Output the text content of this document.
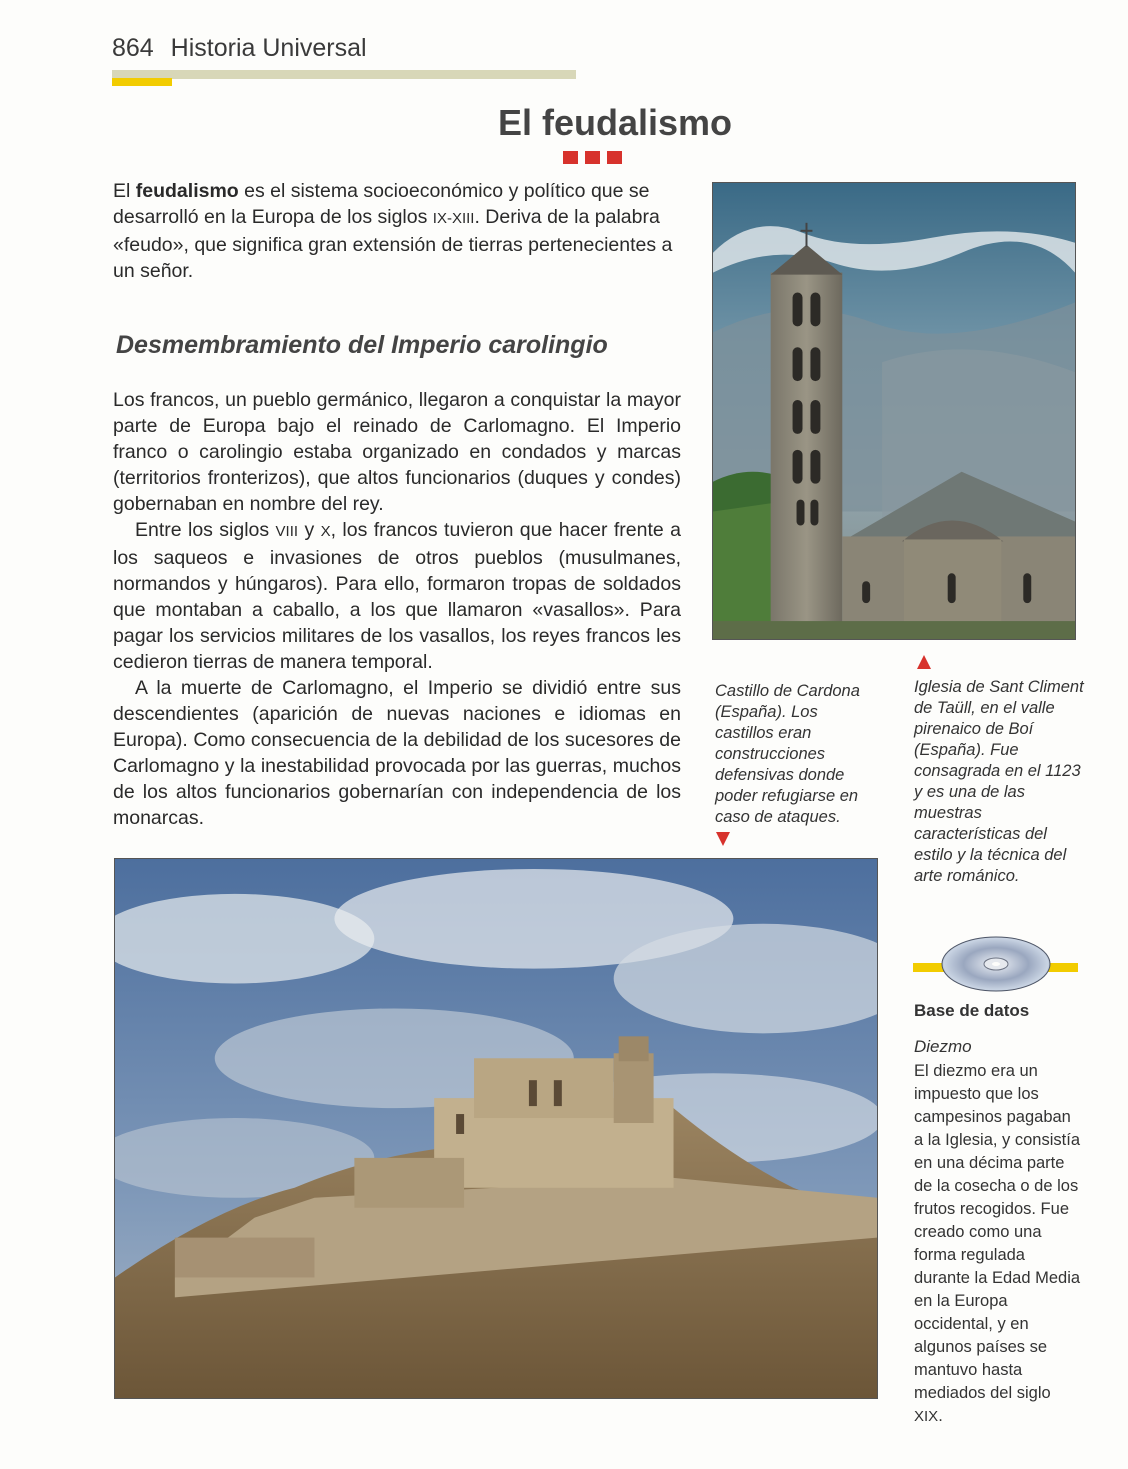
864 Historia Universal
El feudalismo

El feudalismo es el sistema socioeconómico y político que se desarrolló en la Europa de los siglos IX-XIII. Deriva de la palabra «feudo», que significa gran extensión de tierras pertenecientes a un señor.

Desmembramiento del Imperio carolingio

Los francos, un pueblo germánico, llegaron a conquistar la mayor parte de Europa bajo el reinado de Carlomagno. El Imperio franco o carolingio estaba organizado en condados y marcas (territorios fronterizos), que altos funcionarios (duques y condes) gobernaban en nombre del rey.

Entre los siglos VIII y X, los francos tuvieron que hacer frente a los saqueos e invasiones de otros pueblos (musulmanes, normandos y húngaros). Para ello, formaron tropas de soldados que montaban a caballo, a los que llamaron «vasallos». Para pagar los servicios militares de los vasallos, los reyes francos les cedieron tierras de manera temporal.

A la muerte de Carlomagno, el Imperio se dividió entre sus descendientes (aparición de nuevas naciones e idiomas en Europa). Como consecuencia de la debilidad de los sucesores de Carlomagno y la inestabilidad provocada por las guerras, muchos de los altos funcionarios gobernarían con independencia de los monarcas.

Castillo de Cardona (España). Los castillos eran construcciones defensivas donde poder refugiarse en caso de ataques.

Iglesia de Sant Climent de Taüll, en el valle pirenaico de Boí (España). Fue consagrada en el 1123 y es una de las muestras características del estilo y la técnica del arte románico.

Base de datos
Diezmo

El diezmo era un impuesto que los campesinos pagaban a la Iglesia, y consistía en una décima parte de la cosecha o de los frutos recogidos. Fue creado como una forma regulada durante la Edad Media en la Europa occidental, y en algunos países se mantuvo hasta mediados del siglo XIX.
